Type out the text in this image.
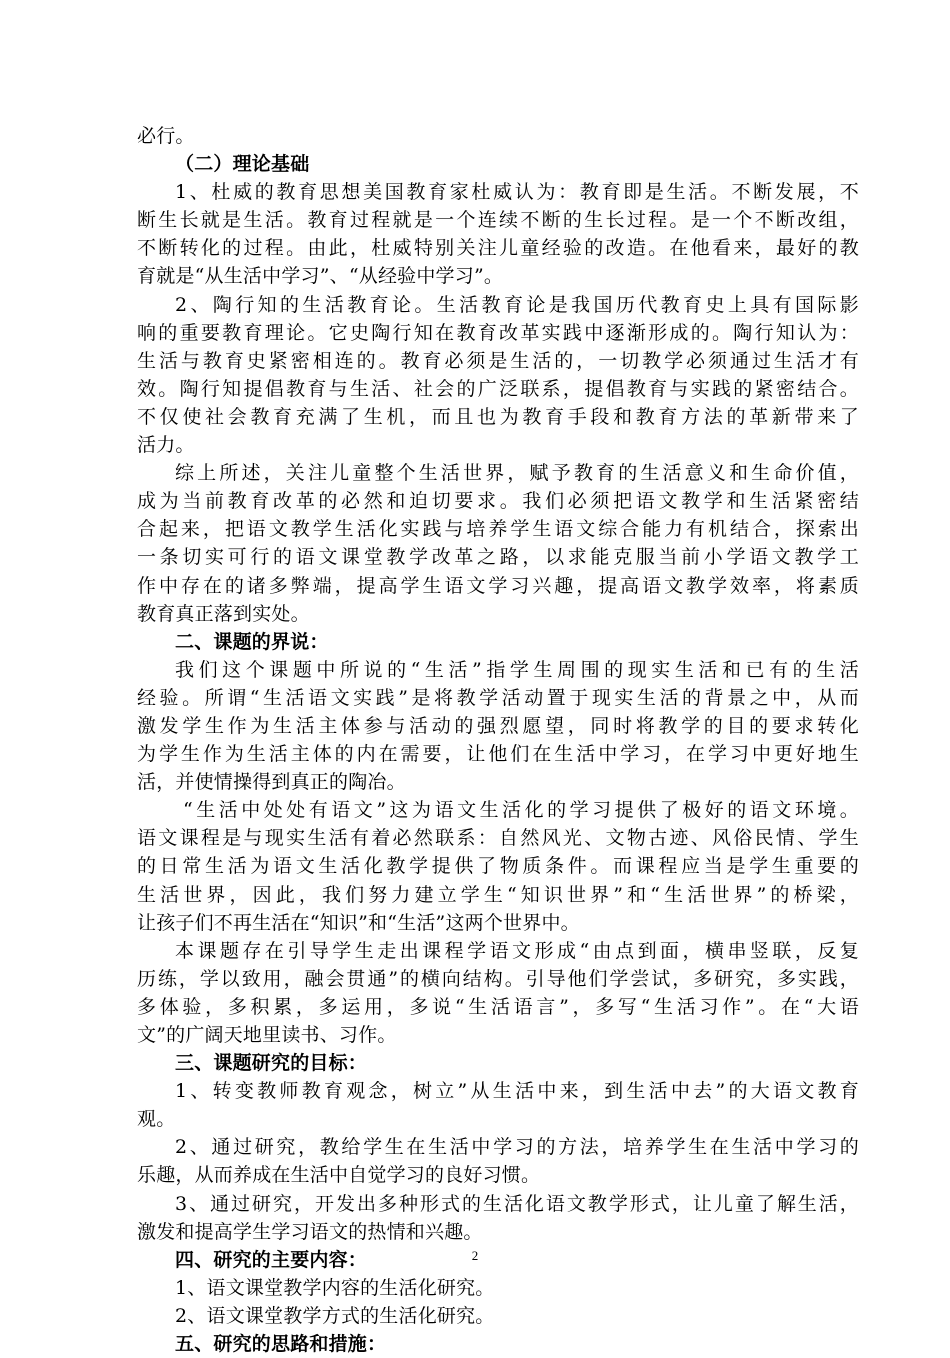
必行。
（二）理论基础
1、杜威的教育思想美国教育家杜威认为：教育即是生活。不断发展，不
断生长就是生活。教育过程就是一个连续不断的生长过程。是一个不断改组，
不断转化的过程。由此，杜威特别关注儿童经验的改造。在他看来，最好的教
育就是“从生活中学习”、“从经验中学习”。
2、陶行知的生活教育论。生活教育论是我国历代教育史上具有国际影
响的重要教育理论。它史陶行知在教育改革实践中逐渐形成的。陶行知认为：
生活与教育史紧密相连的。教育必须是生活的，一切教学必须通过生活才有
效。陶行知提倡教育与生活、社会的广泛联系，提倡教育与实践的紧密结合。
不仅使社会教育充满了生机，而且也为教育手段和教育方法的革新带来了
活力。
综上所述，关注儿童整个生活世界，赋予教育的生活意义和生命价值，
成为当前教育改革的必然和迫切要求。我们必须把语文教学和生活紧密结
合起来，把语文教学生活化实践与培养学生语文综合能力有机结合，探索出
一条切实可行的语文课堂教学改革之路，以求能克服当前小学语文教学工
作中存在的诸多弊端，提高学生语文学习兴趣，提高语文教学效率，将素质
教育真正落到实处。
二、课题的界说：
我们这个课题中所说的“生活”指学生周围的现实生活和已有的生活
经验。所谓“生活语文实践”是将教学活动置于现实生活的背景之中，从而
激发学生作为生活主体参与活动的强烈愿望，同时将教学的目的要求转化
为学生作为生活主体的内在需要，让他们在生活中学习，在学习中更好地生
活，并使情操得到真正的陶冶。
“生活中处处有语文”这为语文生活化的学习提供了极好的语文环境。
语文课程是与现实生活有着必然联系：自然风光、文物古迹、风俗民情、学生
的日常生活为语文生活化教学提供了物质条件。而课程应当是学生重要的
生活世界，因此，我们努力建立学生“知识世界”和“生活世界”的桥梁，
让孩子们不再生活在“知识”和“生活”这两个世界中。
本课题存在引导学生走出课程学语文形成“由点到面，横串竖联，反复
历练，学以致用，融会贯通”的横向结构。引导他们学尝试，多研究，多实践，
多体验，多积累，多运用，多说“生活语言”，多写“生活习作”。在“大语
文”的广阔天地里读书、习作。
三、课题研究的目标：
1、转变教师教育观念，树立”从生活中来，到生活中去”的大语文教育
观。
2、通过研究，教给学生在生活中学习的方法，培养学生在生活中学习的
乐趣，从而养成在生活中自觉学习的良好习惯。
3、通过研究，开发出多种形式的生活化语文教学形式，让儿童了解生活，
激发和提高学生学习语文的热情和兴趣。
四、研究的主要内容：
1、语文课堂教学内容的生活化研究。
2、语文课堂教学方式的生活化研究。
五、研究的思路和措施：
2
